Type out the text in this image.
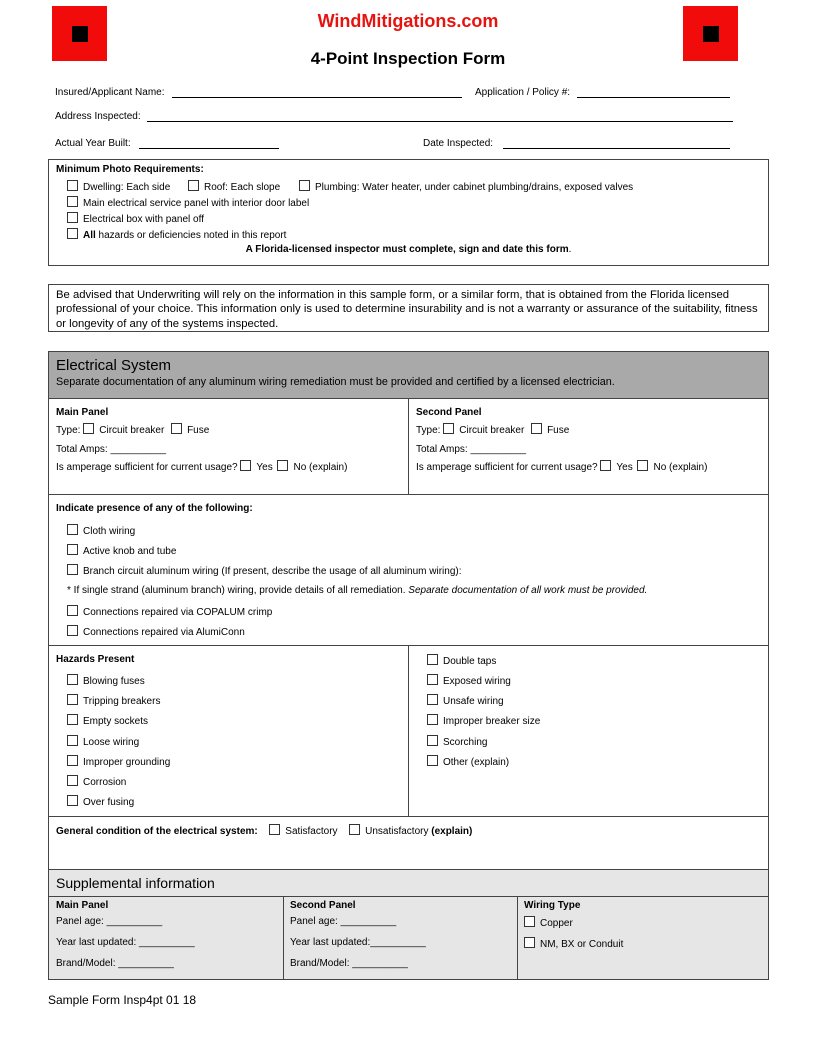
WindMitigations.com
4-Point Inspection Form
Insured/Applicant Name:	Application / Policy #:
Address Inspected:
Actual Year Built:	Date Inspected:
Minimum Photo Requirements:
Dwelling: Each side	Roof: Each slope	Plumbing: Water heater, under cabinet plumbing/drains, exposed valves
Main electrical service panel with interior door label
Electrical box with panel off
All hazards or deficiencies noted in this report
A Florida-licensed inspector must complete, sign and date this form.
Be advised that Underwriting will rely on the information in this sample form, or a similar form, that is obtained from the Florida licensed professional of your choice. This information only is used to determine insurability and is not a warranty or assurance of the suitability, fitness or longevity of any of the systems inspected.
Electrical System
Separate documentation of any aluminum wiring remediation must be provided and certified by a licensed electrician.
Main Panel
Type: Circuit breaker Fuse
Total Amps: __________
Is amperage sufficient for current usage? Yes No (explain)
Second Panel
Type: Circuit breaker Fuse
Total Amps: __________
Is amperage sufficient for current usage? Yes No (explain)
Indicate presence of any of the following:
Cloth wiring
Active knob and tube
Branch circuit aluminum wiring (If present, describe the usage of all aluminum wiring):
* If single strand (aluminum branch) wiring, provide details of all remediation. Separate documentation of all work must be provided.
Connections repaired via COPALUM crimp
Connections repaired via AlumiConn
Hazards Present
Blowing fuses
Tripping breakers
Empty sockets
Loose wiring
Improper grounding
Corrosion
Over fusing
Double taps
Exposed wiring
Unsafe wiring
Improper breaker size
Scorching
Other (explain)
General condition of the electrical system:	Satisfactory	Unsatisfactory (explain)
Supplemental information
Main Panel
Panel age: __________
Year last updated: __________
Brand/Model: __________
Second Panel
Panel age: __________
Year last updated:__________
Brand/Model: __________
Wiring Type
Copper
NM, BX or Conduit
Sample Form Insp4pt 01 18
